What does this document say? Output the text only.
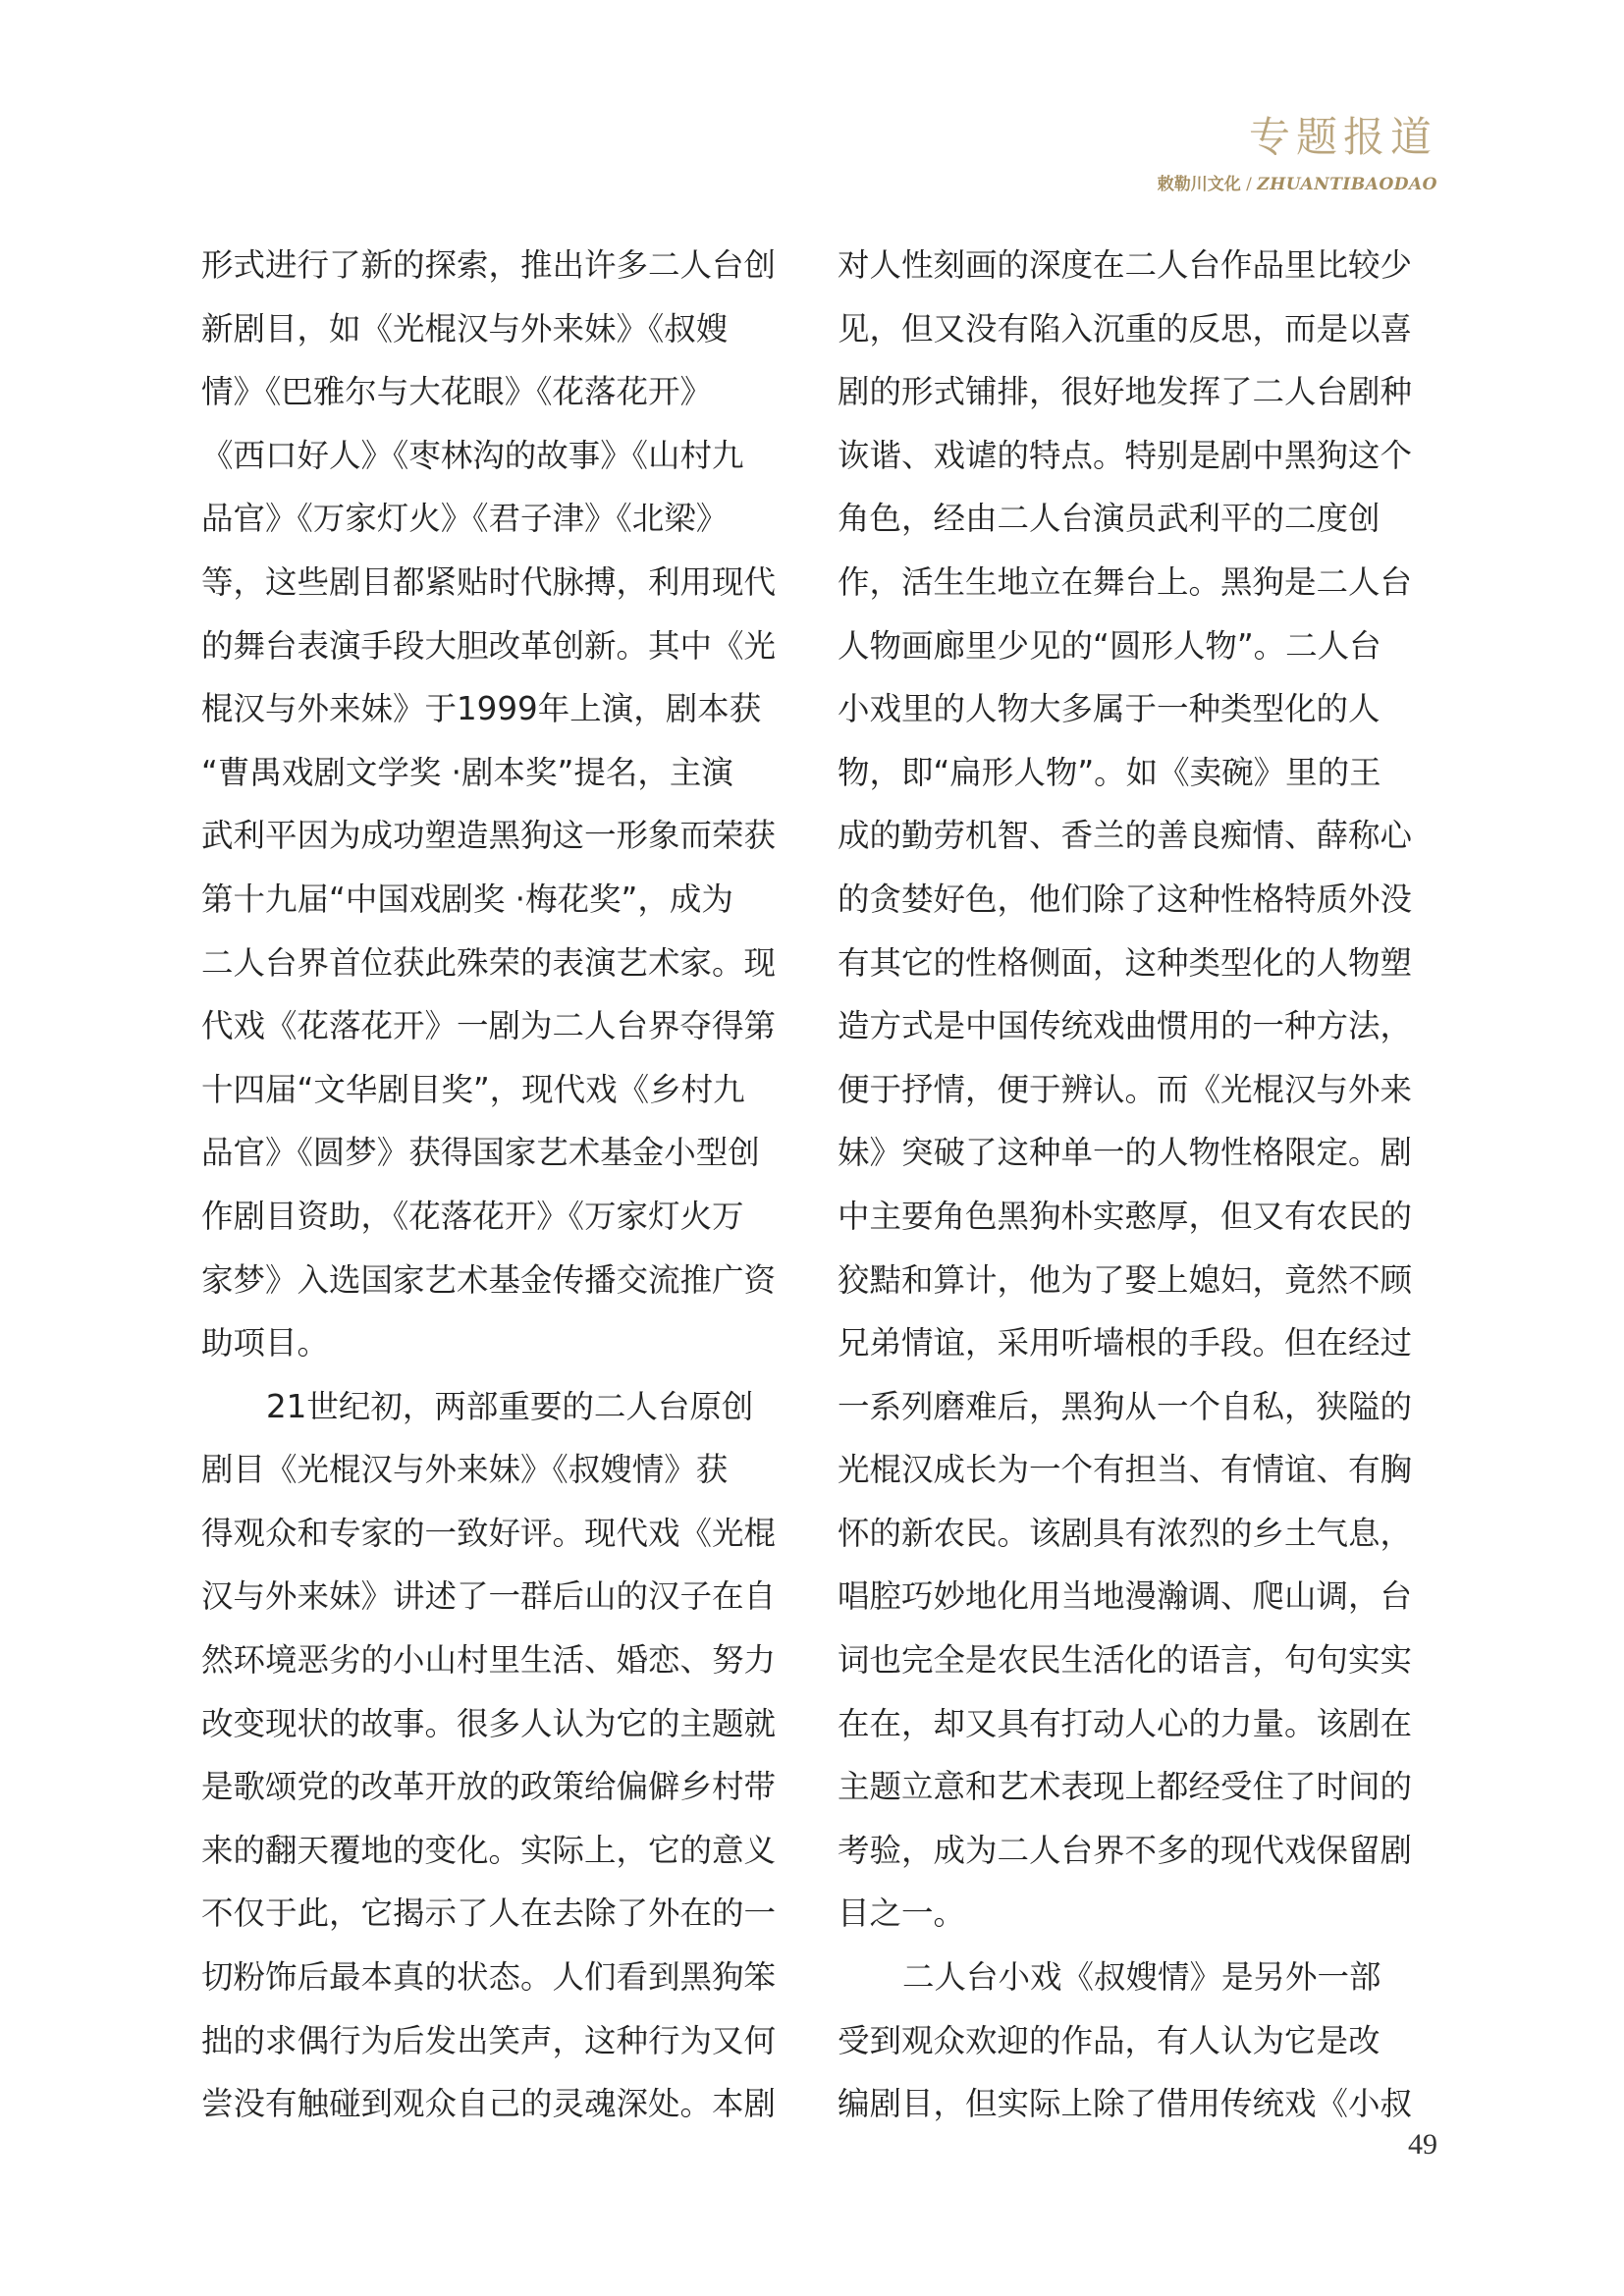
专题报道
敕勒川文化 / ZHUANTIBAODAO
形式进行了新的探索，推出许多二人台创
新剧目，如《光棍汉与外来妹》《叔嫂
情》《巴雅尔与大花眼》《花落花开》
《西口好人》《枣林沟的故事》《山村九
品官》《万家灯火》《君子津》《北梁》
等，这些剧目都紧贴时代脉搏，利用现代
的舞台表演手段大胆改革创新。其中《光
棍汉与外来妹》于1999年上演，剧本获
“曹禺戏剧文学奖 ·剧本奖”提名，主演
武利平因为成功塑造黑狗这一形象而荣获
第十九届“中国戏剧奖 ·梅花奖”，成为
二人台界首位获此殊荣的表演艺术家。现
代戏《花落花开》一剧为二人台界夺得第
十四届“文华剧目奖”，现代戏《乡村九
品官》《圆梦》获得国家艺术基金小型创
作剧目资助，《花落花开》《万家灯火万
家梦》入选国家艺术基金传播交流推广资
助项目。
21世纪初，两部重要的二人台原创
剧目《光棍汉与外来妹》《叔嫂情》获
得观众和专家的一致好评。现代戏《光棍
汉与外来妹》讲述了一群后山的汉子在自
然环境恶劣的小山村里生活、婚恋、努力
改变现状的故事。很多人认为它的主题就
是歌颂党的改革开放的政策给偏僻乡村带
来的翻天覆地的变化。实际上，它的意义
不仅于此，它揭示了人在去除了外在的一
切粉饰后最本真的状态。人们看到黑狗笨
拙的求偶行为后发出笑声，这种行为又何
尝没有触碰到观众自己的灵魂深处。本剧
对人性刻画的深度在二人台作品里比较少
见，但又没有陷入沉重的反思，而是以喜
剧的形式铺排，很好地发挥了二人台剧种
诙谐、戏谑的特点。特别是剧中黑狗这个
角色，经由二人台演员武利平的二度创
作，活生生地立在舞台上。黑狗是二人台
人物画廊里少见的“圆形人物”。二人台
小戏里的人物大多属于一种类型化的人
物，即“扁形人物”。如《卖碗》里的王
成的勤劳机智、香兰的善良痴情、薛称心
的贪婪好色，他们除了这种性格特质外没
有其它的性格侧面，这种类型化的人物塑
造方式是中国传统戏曲惯用的一种方法，
便于抒情，便于辨认。而《光棍汉与外来
妹》突破了这种单一的人物性格限定。剧
中主要角色黑狗朴实憨厚，但又有农民的
狡黠和算计，他为了娶上媳妇，竟然不顾
兄弟情谊，采用听墙根的手段。但在经过
一系列磨难后，黑狗从一个自私，狭隘的
光棍汉成长为一个有担当、有情谊、有胸
怀的新农民。该剧具有浓烈的乡土气息，
唱腔巧妙地化用当地漫瀚调、爬山调，台
词也完全是农民生活化的语言，句句实实
在在，却又具有打动人心的力量。该剧在
主题立意和艺术表现上都经受住了时间的
考验，成为二人台界不多的现代戏保留剧
目之一。
二人台小戏《叔嫂情》是另外一部
受到观众欢迎的作品，有人认为它是改
编剧目，但实际上除了借用传统戏《小叔
49
